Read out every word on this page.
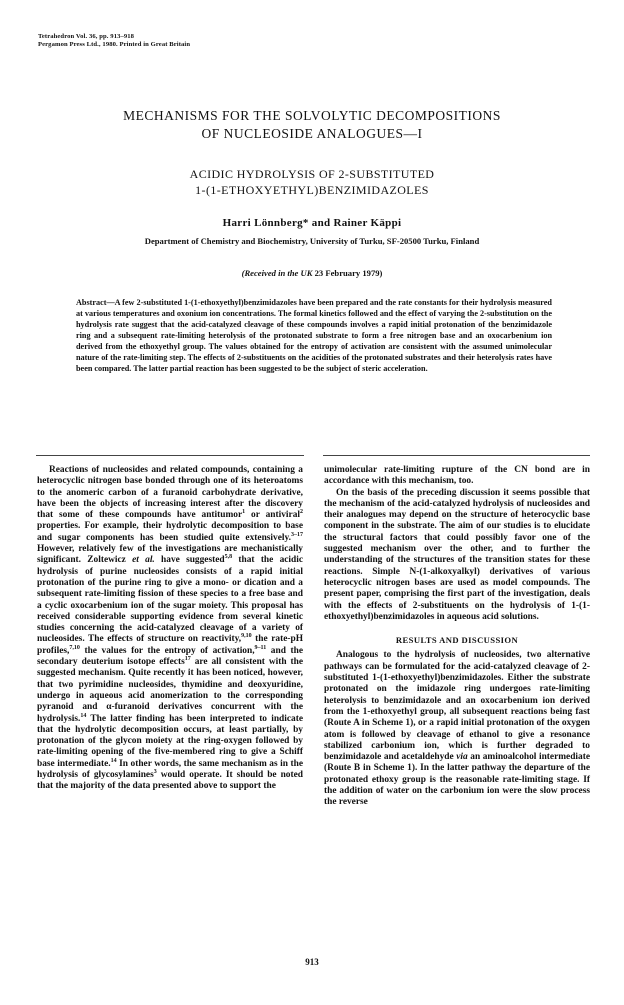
Tetrahedron Vol. 36, pp. 913–918
Pergamon Press Ltd., 1980. Printed in Great Britain
MECHANISMS FOR THE SOLVOLYTIC DECOMPOSITIONS
OF NUCLEOSIDE ANALOGUES—I
ACIDIC HYDROLYSIS OF 2-SUBSTITUTED
1-(1-ETHOXYETHYL)BENZIMIDAZOLES
Harri Lönnberg* and Rainer Käppi
Department of Chemistry and Biochemistry, University of Turku, SF-20500 Turku, Finland
(Received in the UK 23 February 1979)
Abstract—A few 2-substituted 1-(1-ethoxyethyl)benzimidazoles have been prepared and the rate constants for their hydrolysis measured at various temperatures and oxonium ion concentrations. The formal kinetics followed and the effect of varying the 2-substitution on the hydrolysis rate suggest that the acid-catalyzed cleavage of these compounds involves a rapid initial protonation of the benzimidazole ring and a subsequent rate-limiting heterolysis of the protonated substrate to form a free nitrogen base and an oxocarbenium ion derived from the ethoxyethyl group. The values obtained for the entropy of activation are consistent with the assumed unimolecular nature of the rate-limiting step. The effects of 2-substituents on the acidities of the protonated substrates and their heterolysis rates have been compared. The latter partial reaction has been suggested to be the subject of steric acceleration.

Reactions of nucleosides and related compounds, containing a heterocyclic nitrogen base bonded through one of its heteroatoms to the anomeric carbon of a furanoid carbohydrate derivative, have been the objects of increasing interest after the discovery that some of these compounds have antitumor$^1$ or antiviral$^2$ properties. For example, their hydrolytic decomposition to base and sugar components has been studied quite extensively.$^{3-17}$ However, relatively few of the investigations are mechanistically significant. Zoltewicz et al. have suggested$^{5,8}$ that the acidic hydrolysis of purine nucleosides consists of a rapid initial protonation of the purine ring to give a mono- or dication and a subsequent rate-limiting fission of these species to a free base and a cyclic oxocarbenium ion of the sugar moiety. This proposal has received considerable supporting evidence from several kinetic studies concerning the acid-catalyzed cleavage of a variety of nucleosides. The effects of structure on reactivity,$^{9,10}$ the rate-pH profiles,$^{7,10}$ the values for the entropy of activation,$^{9-11}$ and the secondary deuterium isotope effects$^{17}$ are all consistent with the suggested mechanism. Quite recently it has been noticed, however, that two pyrimidine nucleosides, thymidine and deoxyuridine, undergo in aqueous acid anomerization to the corresponding pyranoid and α-furanoid derivatives concurrent with the hydrolysis.$^{14}$ The latter finding has been interpreted to indicate that the hydrolytic decomposition occurs, at least partially, by protonation of the glycon moiety at the ring-oxygen followed by rate-limiting opening of the five-membered ring to give a Schiff base intermediate.$^{14}$ In other words, the same mechanism as in the hydrolysis of glycosylamines$^3$ would operate. It should be noted that the majority of the data presented above to support the

unimolecular rate-limiting rupture of the CN bond are in accordance with this mechanism, too.

On the basis of the preceding discussion it seems possible that the mechanism of the acid-catalyzed hydrolysis of nucleosides and their analogues may depend on the structure of heterocyclic base component in the substrate. The aim of our studies is to elucidate the structural factors that could possibly favor one of the suggested mechanism over the other, and to further the understanding of the structures of the transition states for these reactions. Simple N-(1-alkoxyalkyl) derivatives of various heterocyclic nitrogen bases are used as model compounds. The present paper, comprising the first part of the investigation, deals with the effects of 2-substituents on the hydrolysis of 1-(1-ethoxyethyl)benzimidazoles in aqueous acid solutions.

RESULTS AND DISCUSSION

Analogous to the hydrolysis of nucleosides, two alternative pathways can be formulated for the acid-catalyzed cleavage of 2-substituted 1-(1-ethoxyethyl)benzimidazoles. Either the substrate protonated on the imidazole ring undergoes rate-limiting heterolysis to benzimidazole and an oxocarbenium ion derived from the 1-ethoxyethyl group, all subsequent reactions being fast (Route A in Scheme 1), or a rapid initial protonation of the oxygen atom is followed by cleavage of ethanol to give a resonance stabilized carbonium ion, which is further degraded to benzimidazole and acetaldehyde via an aminoalcohol intermediate (Route B in Scheme 1). In the latter pathway the departure of the protonated ethoxy group is the reasonable rate-limiting stage. If the addition of water on the carbonium ion were the slow process the reverse

913
